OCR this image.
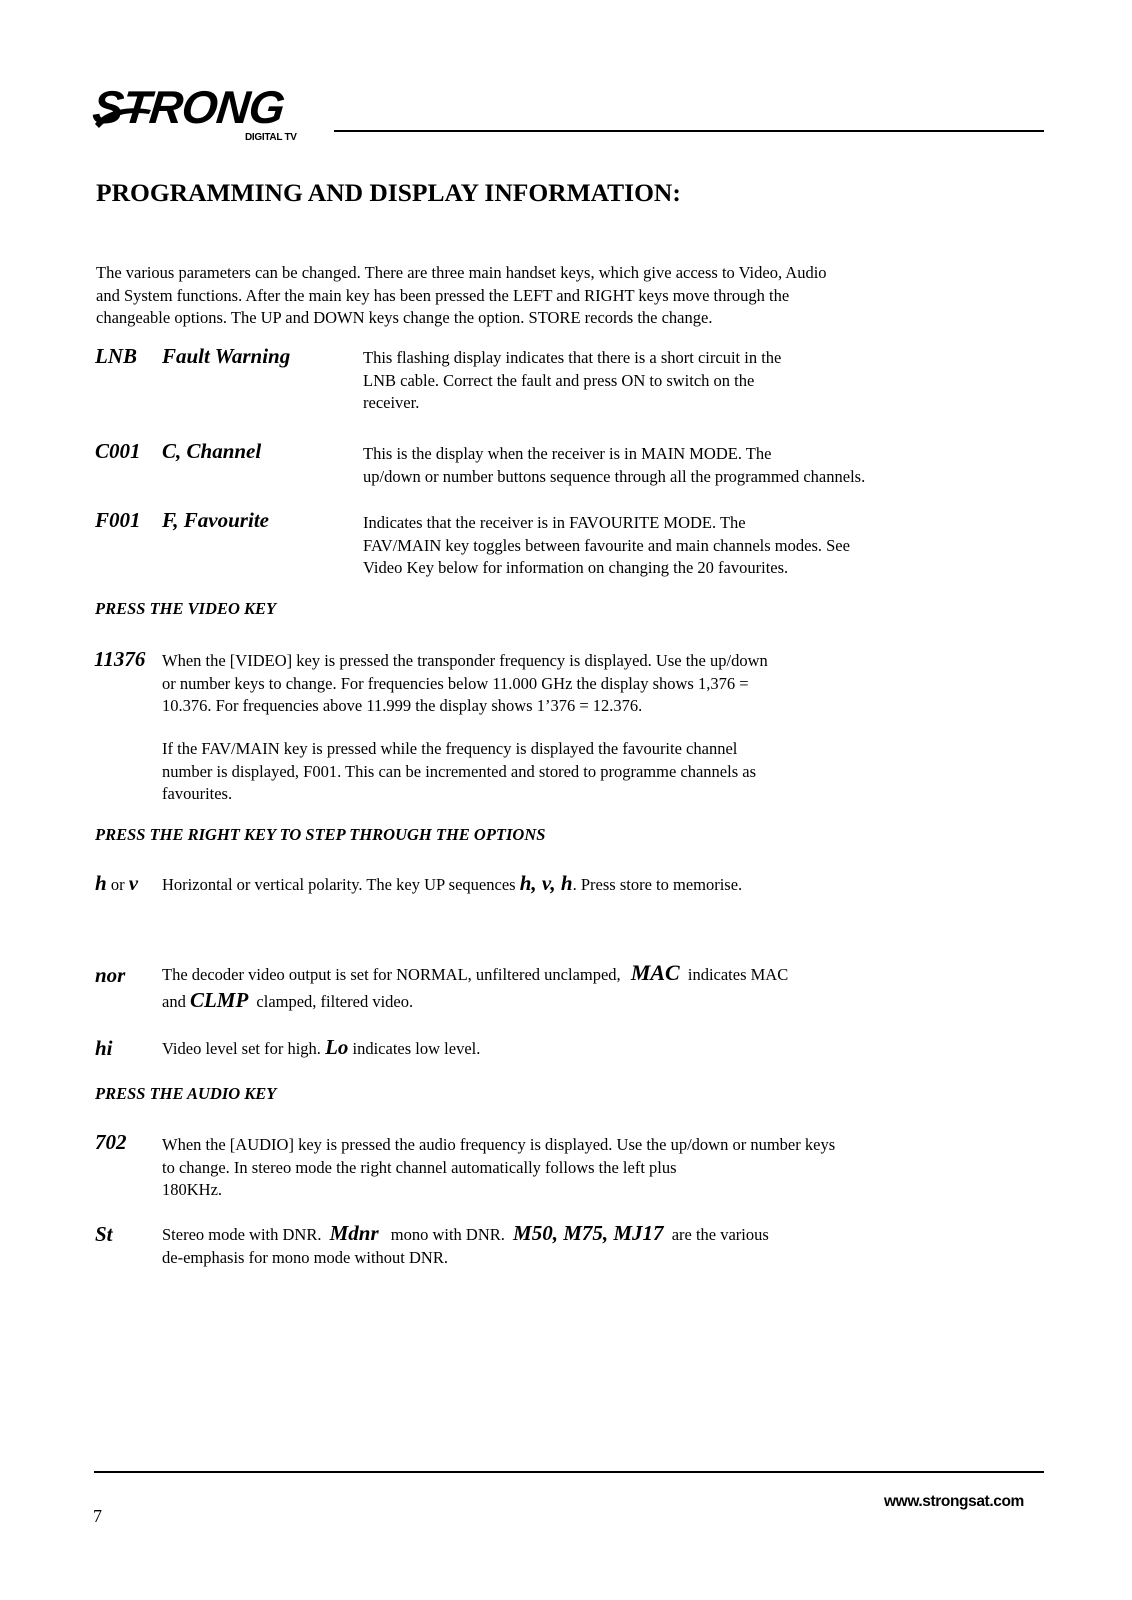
STRONG
DIGITAL TV
PROGRAMMING AND DISPLAY INFORMATION:
The various parameters can be changed. There are three main handset keys, which give access to Video, Audio
and System functions. After the main key has been pressed the LEFT and RIGHT keys move through the
changeable options. The UP and DOWN keys change the option. STORE records the change.
LNB Fault Warning	This flashing display indicates that there is a short circuit in the
LNB cable. Correct the fault and press ON to switch on the
receiver.
C001 C, Channel	This is the display when the receiver is in MAIN MODE. The
up/down or number buttons sequence through all the programmed channels.
F001 F, Favourite	Indicates that the receiver is in FAVOURITE MODE. The
FAV/MAIN key toggles between favourite and main channels modes. See
Video Key below for information on changing the 20 favourites.
PRESS THE VIDEO KEY
11376 When the [VIDEO] key is pressed the transponder frequency is displayed. Use the up/down
or number keys to change. For frequencies below 11.000 GHz the display shows 1,376 =
10.376. For frequencies above 11.999 the display shows 1’376 = 12.376.
If the FAV/MAIN key is pressed while the frequency is displayed the favourite channel
number is displayed, F001. This can be incremented and stored to programme channels as
favourites.
PRESS THE RIGHT KEY TO STEP THROUGH THE OPTIONS
h or v Horizontal or vertical polarity. The key UP sequences h, v, h. Press store to memorise.
nor The decoder video output is set for NORMAL, unfiltered unclamped, MAC indicates MAC
and CLMP clamped, filtered video.
hi	Video level set for high. Lo indicates low level.
PRESS THE AUDIO KEY
702 When the [AUDIO] key is pressed the audio frequency is displayed. Use the up/down or number keys
to change. In stereo mode the right channel automatically follows the left plus
180KHz.
St	Stereo mode with DNR. Mdnr mono with DNR. M50, M75, MJ17 are the various
de-emphasis for mono mode without DNR.
7
www.strongsat.com
